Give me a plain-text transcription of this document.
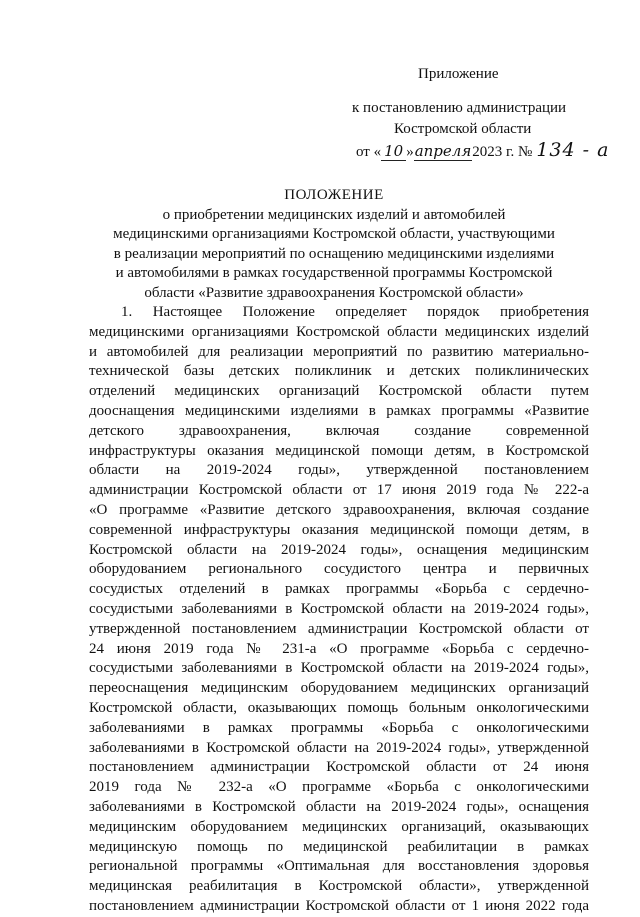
Приложение
к постановлению администрации
Костромской области
от « 10 »апреля2023 г. № 134 - а
ПОЛОЖЕНИЕ
о приобретении медицинских изделий и автомобилей
медицинскими организациями Костромской области, участвующими
в реализации мероприятий по оснащению медицинскими изделиями
и автомобилями в рамках государственной программы Костромской
области «Развитие здравоохранения Костромской области»
1. Настоящее Положение определяет порядок приобретения
медицинскими организациями Костромской области медицинских изделий
и автомобилей для реализации мероприятий по развитию материально-
технической базы детских поликлиник и детских поликлинических
отделений медицинских организаций Костромской области путем
дооснащения медицинскими изделиями в рамках программы «Развитие
детского здравоохранения, включая создание современной
инфраструктуры оказания медицинской помощи детям, в Костромской
области на 2019-2024 годы», утвержденной постановлением
администрации Костромской области от 17 июня 2019 года № 222-а
«О программе «Развитие детского здравоохранения, включая создание
современной инфраструктуры оказания медицинской помощи детям, в
Костромской области на 2019-2024 годы», оснащения медицинским
оборудованием регионального сосудистого центра и первичных
сосудистых отделений в рамках программы «Борьба с сердечно-
сосудистыми заболеваниями в Костромской области на 2019-2024 годы»,
утвержденной постановлением администрации Костромской области от
24 июня 2019 года № 231-а «О программе «Борьба с сердечно-
сосудистыми заболеваниями в Костромской области на 2019-2024 годы»,
переоснащения медицинским оборудованием медицинских организаций
Костромской области, оказывающих помощь больным онкологическими
заболеваниями в рамках программы «Борьба с онкологическими
заболеваниями в Костромской области на 2019-2024 годы», утвержденной
постановлением администрации Костромской области от 24 июня
2019 года № 232-а «О программе «Борьба с онкологическими
заболеваниями в Костромской области на 2019-2024 годы», оснащения
медицинским оборудованием медицинских организаций, оказывающих
медицинскую помощь по медицинской реабилитации в рамках
региональной программы «Оптимальная для восстановления здоровья
медицинская реабилитация в Костромской области», утвержденной
постановлением администрации Костромской области от 1 июня 2022 года
